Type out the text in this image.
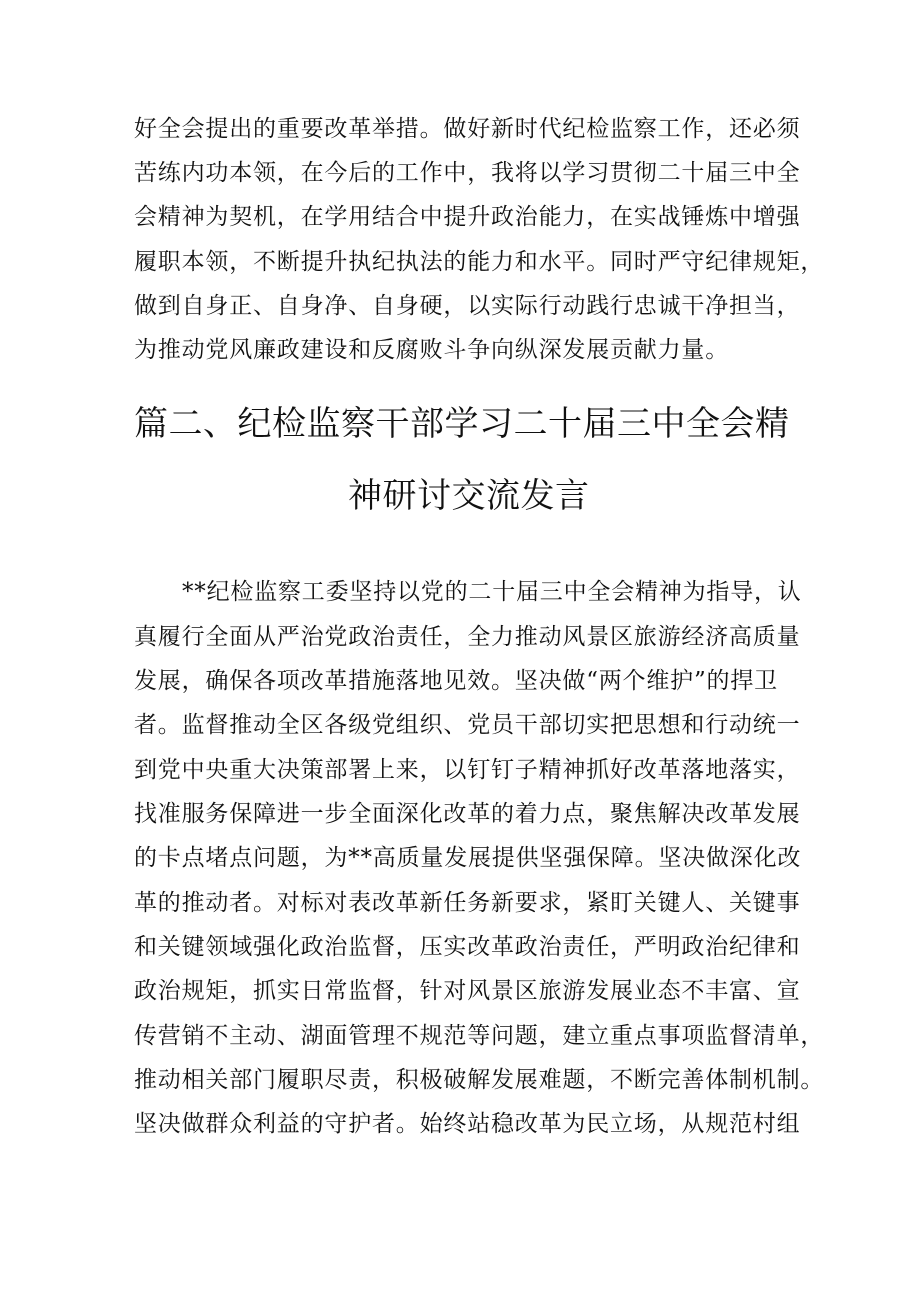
好全会提出的重要改革举措。做好新时代纪检监察工作，还必须
苦练内功本领，在今后的工作中，我将以学习贯彻二十届三中全
会精神为契机，在学用结合中提升政治能力，在实战锤炼中增强
履职本领，不断提升执纪执法的能力和水平。同时严守纪律规矩，
做到自身正、自身净、自身硬，以实际行动践行忠诚干净担当，
为推动党风廉政建设和反腐败斗争向纵深发展贡献力量。
篇二、纪检监察干部学习二十届三中全会精
神研讨交流发言
**纪检监察工委坚持以党的二十届三中全会精神为指导，认
真履行全面从严治党政治责任，全力推动风景区旅游经济高质量
发展，确保各项改革措施落地见效。坚决做“两个维护”的捍卫
者。监督推动全区各级党组织、党员干部切实把思想和行动统一
到党中央重大决策部署上来，以钉钉子精神抓好改革落地落实，
找准服务保障进一步全面深化改革的着力点，聚焦解决改革发展
的卡点堵点问题，为**高质量发展提供坚强保障。坚决做深化改
革的推动者。对标对表改革新任务新要求，紧盯关键人、关键事
和关键领域强化政治监督，压实改革政治责任，严明政治纪律和
政治规矩，抓实日常监督，针对风景区旅游发展业态不丰富、宣
传营销不主动、湖面管理不规范等问题，建立重点事项监督清单，
推动相关部门履职尽责，积极破解发展难题，不断完善体制机制。
坚决做群众利益的守护者。始终站稳改革为民立场，从规范村组
